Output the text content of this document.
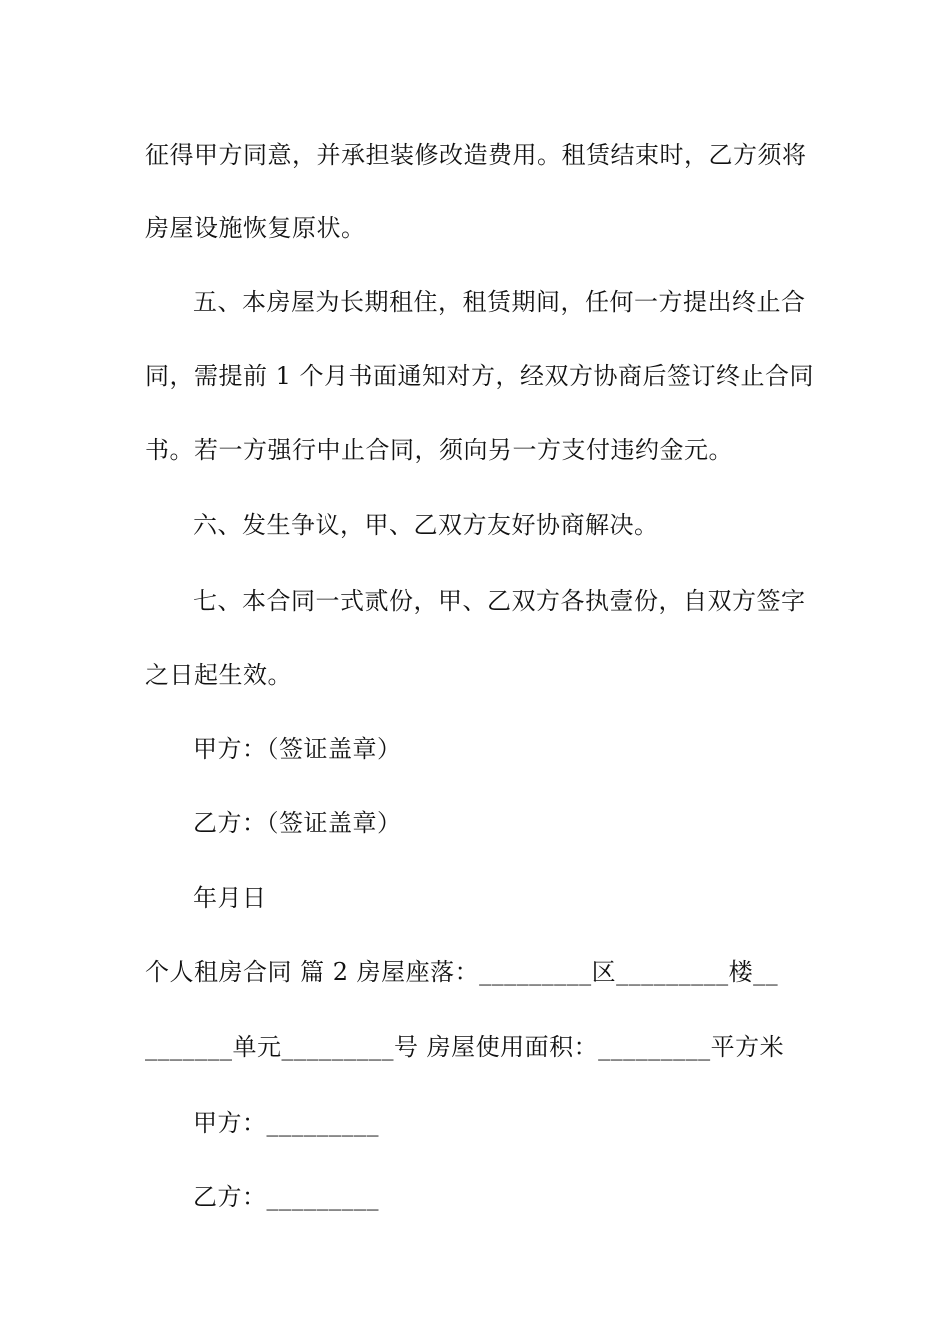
征得甲方同意，并承担装修改造费用。租赁结束时，乙方须将
房屋设施恢复原状。
五、本房屋为长期租住，租赁期间，任何一方提出终止合
同，需提前 1 个月书面通知对方，经双方协商后签订终止合同
书。若一方强行中止合同，须向另一方支付违约金元。
六、发生争议，甲、乙双方友好协商解决。
七、本合同一式贰份，甲、乙双方各执壹份，自双方签字
之日起生效。
甲方：（签证盖章）
乙方：（签证盖章）
年月日
个人租房合同 篇 2 房屋座落：_________区_________楼__
_______单元_________号 房屋使用面积：_________平方米
甲方：_________
乙方：_________
